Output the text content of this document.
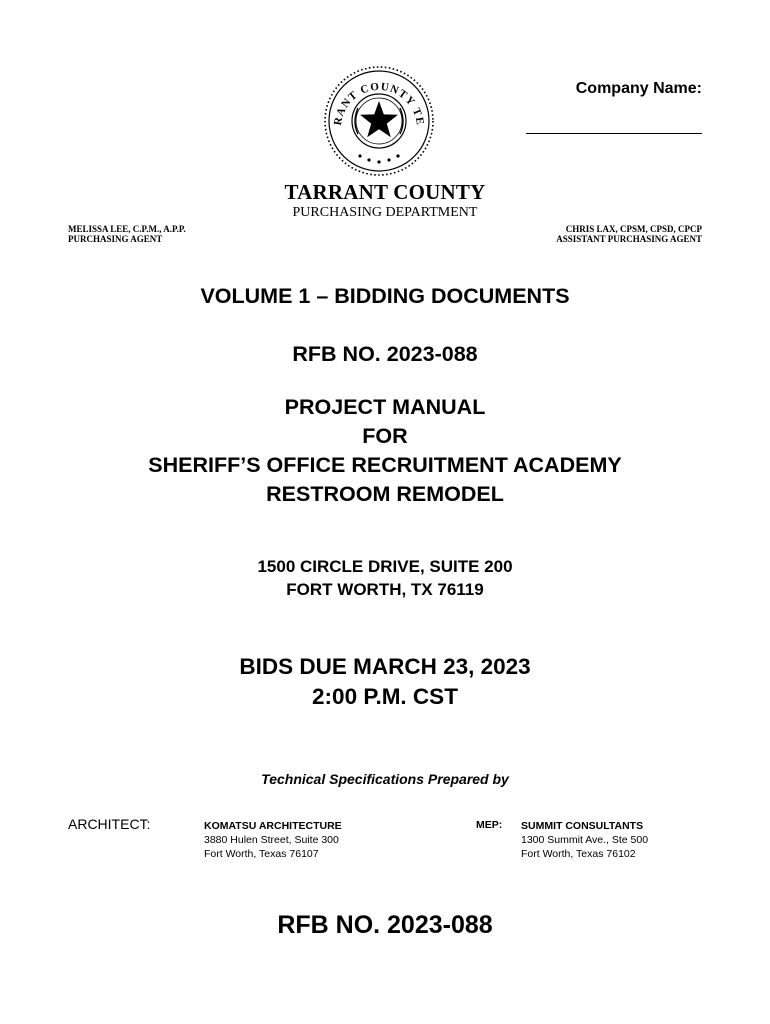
RANT COUNTY TE
Company Name:
TARRANT COUNTY
PURCHASING DEPARTMENT
MELISSA LEE, C.P.M., A.P.P.
PURCHASING AGENT
CHRIS LAX, CPSM, CPSD, CPCP
ASSISTANT PURCHASING AGENT
VOLUME 1 – BIDDING DOCUMENTS
RFB NO. 2023-088
PROJECT MANUAL
FOR
SHERIFF’S OFFICE RECRUITMENT ACADEMY
RESTROOM REMODEL
1500 CIRCLE DRIVE, SUITE 200
FORT WORTH, TX 76119
BIDS DUE MARCH 23, 2023
2:00 P.M. CST
Technical Specifications Prepared by
ARCHITECT:	KOMATSU ARCHITECTURE
3880 Hulen Street, Suite 300
Fort Worth, Texas 76107
MEP: SUMMIT CONSULTANTS
1300 Summit Ave., Ste 500
Fort Worth, Texas 76102
RFB NO. 2023-088
